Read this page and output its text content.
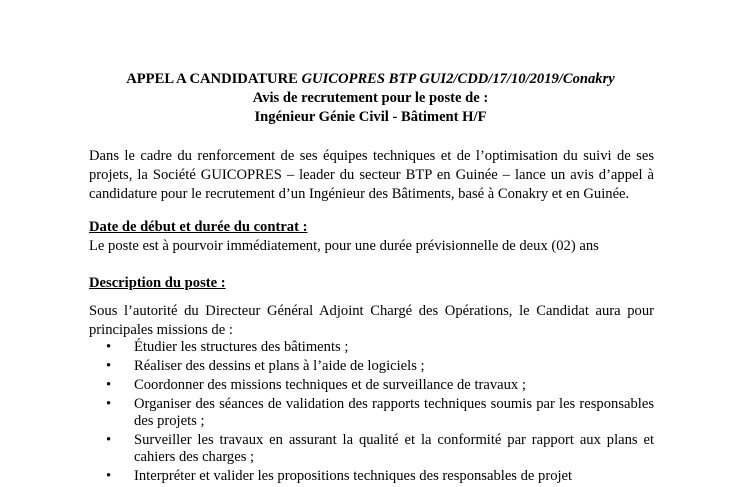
APPEL A CANDIDATURE GUICOPRES BTP GUI2/CDD/17/10/2019/Conakry
Avis de recrutement pour le poste de :
Ingénieur Génie Civil - Bâtiment H/F
Dans le cadre du renforcement de ses équipes techniques et de l’optimisation du suivi de ses projets, la Société GUICOPRES – leader du secteur BTP en Guinée – lance un avis d’appel à candidature pour le recrutement d’un Ingénieur des Bâtiments, basé à Conakry et en Guinée.
Date de début et durée du contrat :
Le poste est à pourvoir immédiatement, pour une durée prévisionnelle de deux (02) ans
Description du poste :
Sous l’autorité du Directeur Général Adjoint Chargé des Opérations, le Candidat aura pour principales missions de :
• Étudier les structures des bâtiments ;
• Réaliser des dessins et plans à l’aide de logiciels ;
• Coordonner des missions techniques et de surveillance de travaux ;
• Organiser des séances de validation des rapports techniques soumis par les responsables des projets ;
• Surveiller les travaux en assurant la qualité et la conformité par rapport aux plans et cahiers des charges ;
• Interpréter et valider les propositions techniques des responsables de projet
